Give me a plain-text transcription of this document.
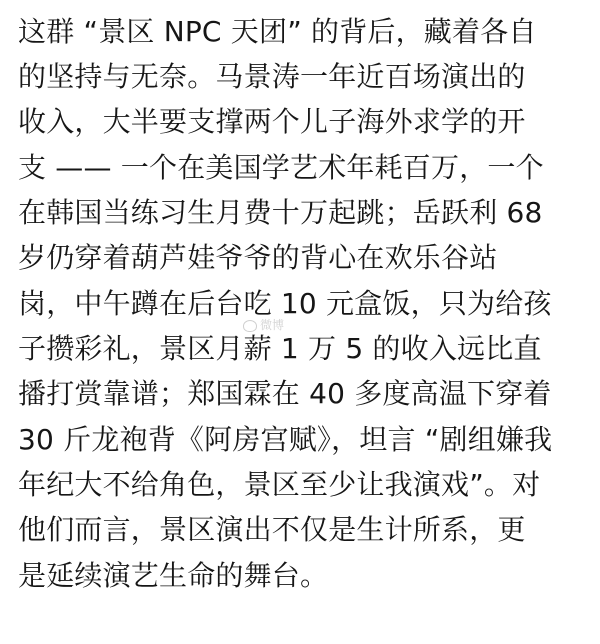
这群 “景区 NPC 天团” 的背后，藏着各自
的坚持与无奈。马景涛一年近百场演出的
收入，大半要支撑两个儿子海外求学的开
支 —— 一个在美国学艺术年耗百万，一个
在韩国当练习生月费十万起跳；岳跃利 68
岁仍穿着葫芦娃爷爷的背心在欢乐谷站
岗，中午蹲在后台吃 10 元盒饭，只为给孩
子攒彩礼，景区月薪 1 万 5 的收入远比直
播打赏靠谱；郑国霖在 40 多度高温下穿着
30 斤龙袍背《阿房宫赋》，坦言 “剧组嫌我
年纪大不给角色，景区至少让我演戏”。对
他们而言，景区演出不仅是生计所系，更
是延续演艺生命的舞台。
微博
